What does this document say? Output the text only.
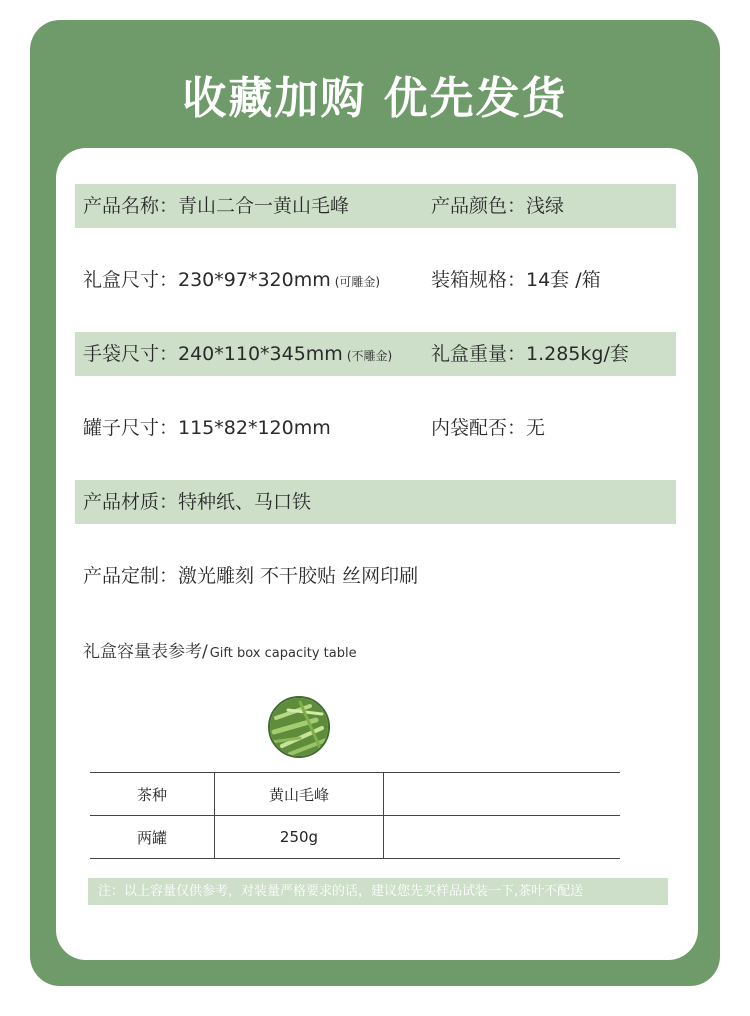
收藏加购 优先发货
产品名称：青山二合一黄山毛峰	产品颜色：浅绿
礼盒尺寸：230*97*320mm (可雕金)	装箱规格：14套 /箱
手袋尺寸：240*110*345mm (不雕金) 礼盒重量：1.285kg/套
罐子尺寸：115*82*120mm	内袋配否：无
产品材质：特种纸、马口铁
产品定制：激光雕刻 不干胶贴 丝网印刷
礼盒容量表参考/ Gift box capacity table
茶种	黄山毛峰	
两罐	250g	
注：以上容量仅供参考，对装量严格要求的话，建议您先买样品试装一下,茶叶不配送
lf 5l 87
